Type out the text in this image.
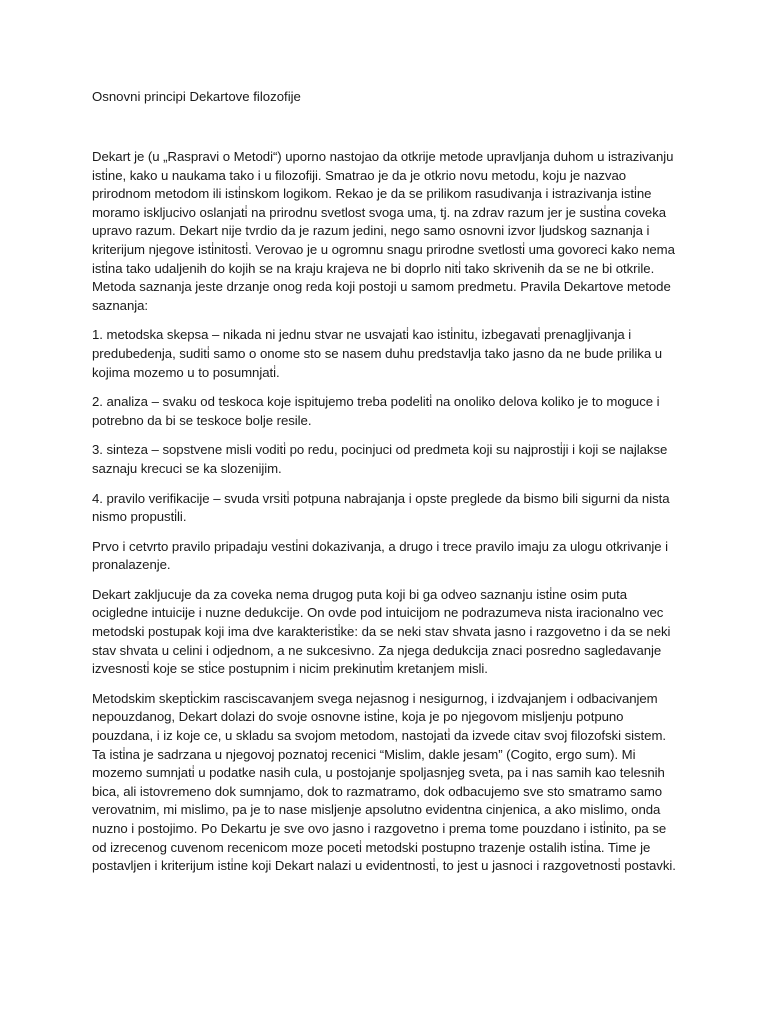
Osnovni principi Dekartove filozofije

Dekart je (u „Raspravi o Metodi“) uporno nastojao da otkrije metode upravljanja duhom u istrazivanju isti̇ne, kako u naukama tako i u filozofiji. Smatrao je da je otkrio novu metodu, koju je nazvao prirodnom metodom ili isti̇nskom logikom. Rekao je da se prilikom rasudivanja i istrazivanja isti̇ne moramo iskljucivo oslanjati̇ na prirodnu svetlost svoga uma, tj. na zdrav razum jer je susti̇na coveka upravo razum. Dekart nije tvrdio da je razum jedini, nego samo osnovni izvor ljudskog saznanja i kriterijum njegove isti̇nitosti̇. Verovao je u ogromnu snagu prirodne svetlosti̇ uma govoreci kako nema isti̇na tako udaljenih do kojih se na kraju krajeva ne bi doprlo niti̇ tako skrivenih da se ne bi otkrile. Metoda saznanja jeste drzanje onog reda koji postoji u samom predmetu. Pravila Dekartove metode saznanja:

1. metodska skepsa – nikada ni jednu stvar ne usvajati̇ kao isti̇nitu, izbegavati̇ prenagljivanja i predubedenja, suditi̇ samo o onome sto se nasem duhu predstavlja tako jasno da ne bude prilika u kojima mozemo u to posumnjati̇.

2. analiza – svaku od teskoca koje ispitujemo treba podeliti̇ na onoliko delova koliko je to moguce i potrebno da bi se teskoce bolje resile.

3. sinteza – sopstvene misli voditi̇ po redu, pocinjuci od predmeta koji su najprosti̇ji i koji se najlakse saznaju krecuci se ka slozenijim.

4. pravilo verifikacije – svuda vrsiti̇ potpuna nabrajanja i opste preglede da bismo bili sigurni da nista nismo propusti̇li.

Prvo i cetvrto pravilo pripadaju vesti̇ni dokazivanja, a drugo i trece pravilo imaju za ulogu otkrivanje i pronalazenje.

Dekart zakljucuje da za coveka nema drugog puta koji bi ga odveo saznanju isti̇ne osim puta ocigledne intuicije i nuzne dedukcije. On ovde pod intuicijom ne podrazumeva nista iracionalno vec metodski postupak koji ima dve karakteristi̇ke: da se neki stav shvata jasno i razgovetno i da se neki stav shvata u celini i odjednom, a ne sukcesivno. Za njega dedukcija znaci posredno sagledavanje izvesnosti̇ koje se sti̇ce postupnim i nicim prekinuti̇m kretanjem misli.

Metodskim skepti̇ckim rasciscavanjem svega nejasnog i nesigurnog, i izdvajanjem i odbacivanjem nepouzdanog, Dekart dolazi do svoje osnovne isti̇ne, koja je po njegovom misljenju potpuno pouzdana, i iz koje ce, u skladu sa svojom metodom, nastojati̇ da izvede citav svoj filozofski sistem. Ta isti̇na je sadrzana u njegovoj poznatoj recenici “Mislim, dakle jesam” (Cogito, ergo sum). Mi mozemo sumnjati̇ u podatke nasih cula, u postojanje spoljasnjeg sveta, pa i nas samih kao telesnih bica, ali istovremeno dok sumnjamo, dok to razmatramo, dok odbacujemo sve sto smatramo samo verovatnim, mi mislimo, pa je to nase misljenje apsolutno evidentna cinjenica, a ako mislimo, onda nuzno i postojimo. Po Dekartu je sve ovo jasno i razgovetno i prema tome pouzdano i isti̇nito, pa se od izrecenog cuvenom recenicom moze poceti̇ metodski postupno trazenje ostalih isti̇na. Time je postavljen i kriterijum isti̇ne koji Dekart nalazi u evidentnosti̇, to jest u jasnoci i razgovetnosti̇ postavki.
